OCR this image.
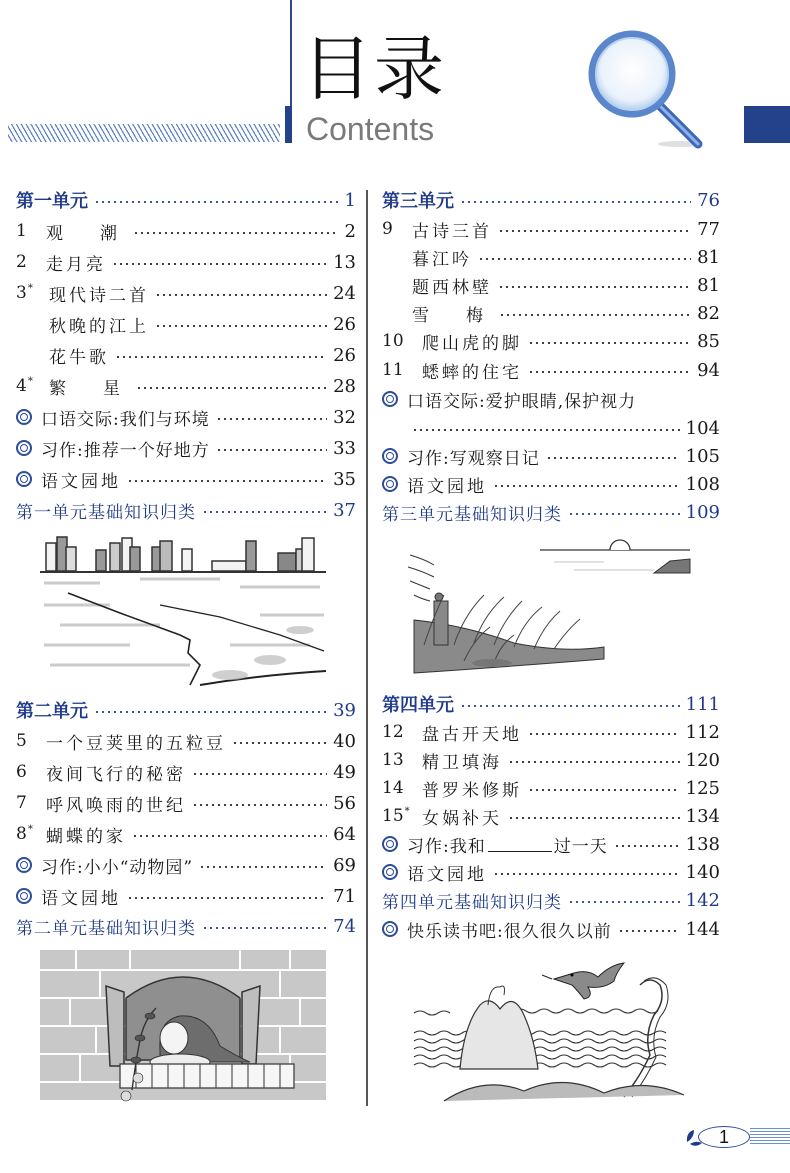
目录
Contents
第一单元	1
1	观　潮	2
2	走月亮	13
3* 现代诗二首	24
秋晚的江上	26
花牛歌	26
4* 繁　星	28
口语交际:我们与环境	32
习作:推荐一个好地方	33
语文园地	35
第一单元基础知识归类	37
第二单元	39
5	一个豆荚里的五粒豆	40
6	夜间飞行的秘密	49
7	呼风唤雨的世纪	56
8* 蝴蝶的家	64
习作:小小“动物园”	69
语文园地	71
第二单元基础知识归类	74
第三单元	76
9	古诗三首	77
暮江吟	81
题西林壁	81
雪　梅	82
10	爬山虎的脚	85
11	蟋蟀的住宅	94
口语交际:爱护眼睛,保护视力
104
习作:写观察日记	105
语文园地	108
第三单元基础知识归类	109
第四单元	111
12	盘古开天地	112
13	精卫填海	120
14	普罗米修斯	125
15* 女娲补天	134
习作:我和	过一天	138
语文园地	140
第四单元基础知识归类	142
快乐读书吧:很久很久以前	144
1
